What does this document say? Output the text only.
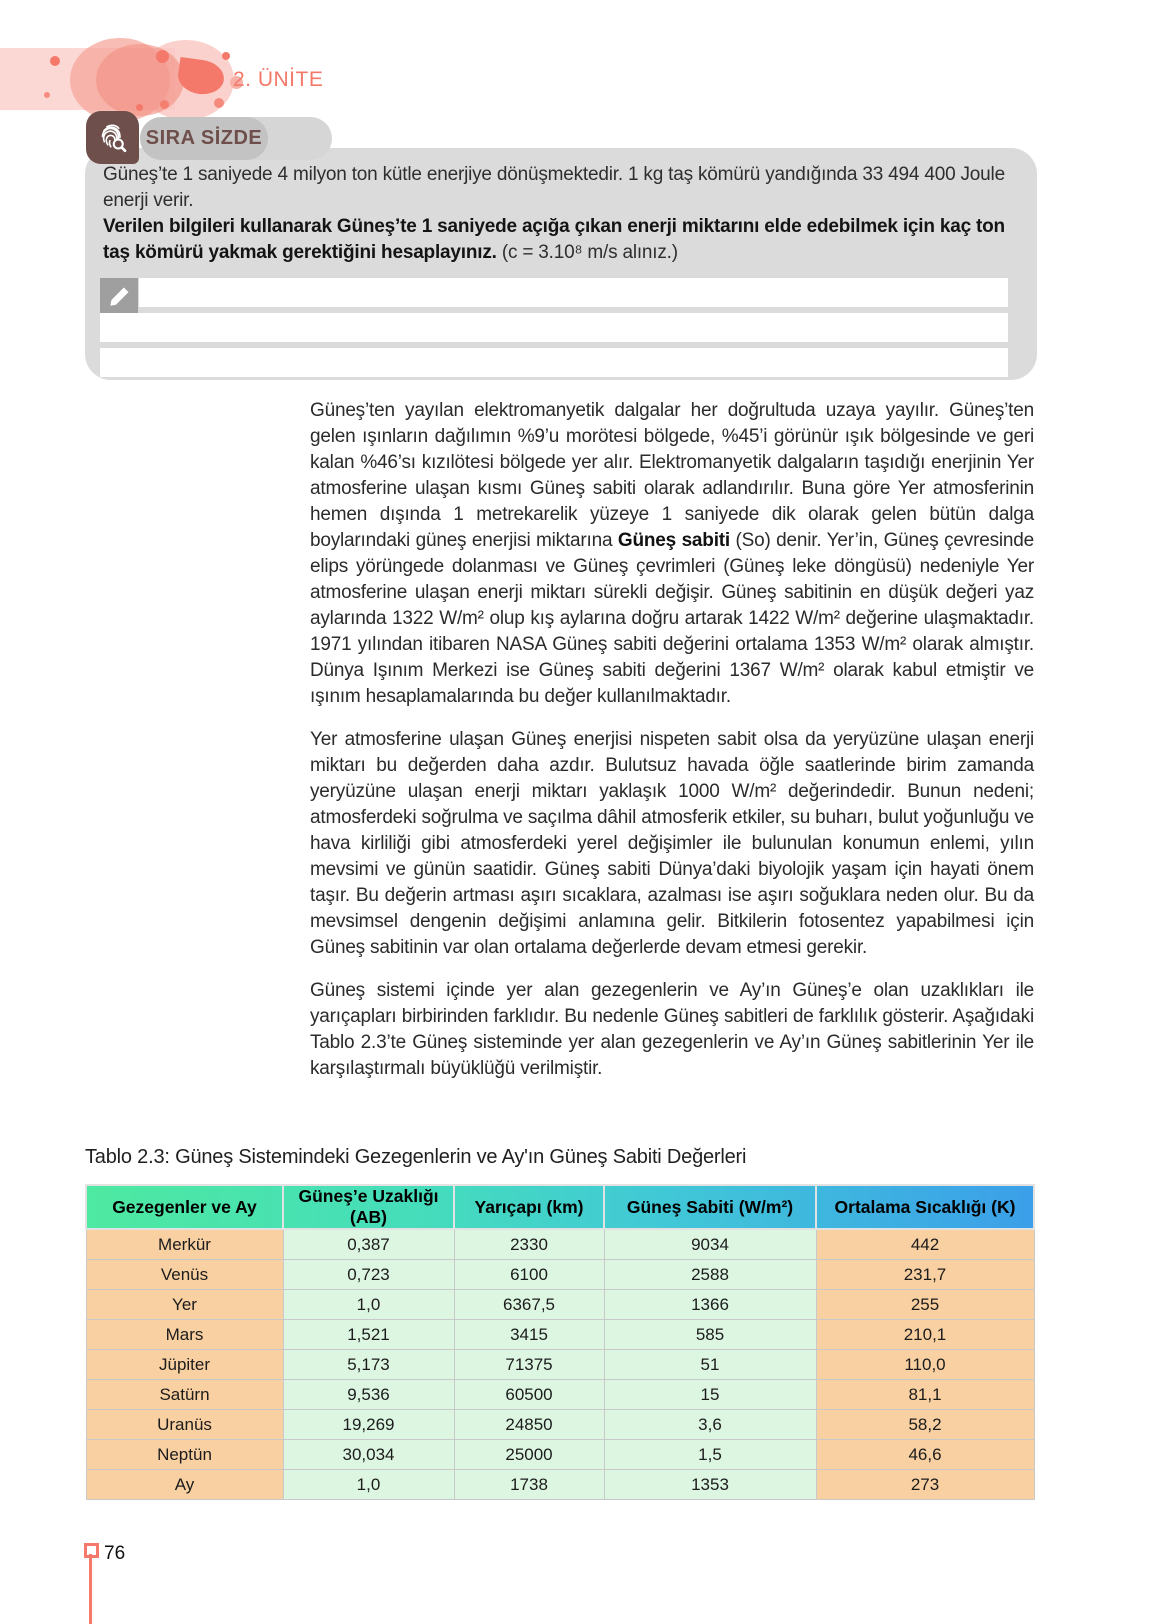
2. ÜNİTE
SIRA SİZDE
Güneş’te 1 saniyede 4 milyon ton kütle enerjiye dönüşmektedir. 1 kg taş kömürü yandığında 33 494 400 Joule enerji verir.
Verilen bilgileri kullanarak Güneş’te 1 saniyede açığa çıkan enerji miktarını elde edebilmek için kaç ton taş kömürü yakmak gerektiğini hesaplayınız. (c = 3.10⁸ m/s alınız.)

Güneş’ten yayılan elektromanyetik dalgalar her doğrultuda uzaya yayılır. Güneş’ten gelen ışınların dağılımın %9’u morötesi bölgede, %45’i görünür ışık bölgesinde ve geri kalan %46’sı kızılötesi bölgede yer alır. Elektromanyetik dalgaların taşıdığı enerjinin Yer atmosferine ulaşan kısmı Güneş sabiti olarak adlandırılır. Buna göre Yer atmosferinin hemen dışında 1 metrekarelik yüzeye 1 saniyede dik olarak gelen bütün dalga boylarındaki güneş enerjisi miktarına Güneş sabiti (So) denir. Yer’in, Güneş çevresinde elips yörüngede dolanması ve Güneş çevrimleri (Güneş leke döngüsü) nedeniyle Yer atmosferine ulaşan enerji miktarı sürekli değişir. Güneş sabitinin en düşük değeri yaz aylarında 1322 W/m² olup kış aylarına doğru artarak 1422 W/m² değerine ulaşmaktadır. 1971 yılından itibaren NASA Güneş sabiti değerini ortalama 1353 W/m² olarak almıştır. Dünya Işınım Merkezi ise Güneş sabiti değerini 1367 W/m² olarak kabul etmiştir ve ışınım hesaplamalarında bu değer kullanılmaktadır.

Yer atmosferine ulaşan Güneş enerjisi nispeten sabit olsa da yeryüzüne ulaşan enerji miktarı bu değerden daha azdır. Bulutsuz havada öğle saatlerinde birim zamanda yeryüzüne ulaşan enerji miktarı yaklaşık 1000 W/m² değerindedir. Bunun nedeni; atmosferdeki soğrulma ve saçılma dâhil atmosferik etkiler, su buharı, bulut yoğunluğu ve hava kirliliği gibi atmosferdeki yerel değişimler ile bulunulan konumun enlemi, yılın mevsimi ve günün saatidir. Güneş sabiti Dünya’daki biyolojik yaşam için hayati önem taşır. Bu değerin artması aşırı sıcaklara, azalması ise aşırı soğuklara neden olur. Bu da mevsimsel dengenin değişimi anlamına gelir. Bitkilerin fotosentez yapabilmesi için Güneş sabitinin var olan ortalama değerlerde devam etmesi gerekir.

Güneş sistemi içinde yer alan gezegenlerin ve Ay’ın Güneş’e olan uzaklıkları ile yarıçapları birbirinden farklıdır. Bu nedenle Güneş sabitleri de farklılık gösterir. Aşağıdaki Tablo 2.3’te Güneş sisteminde yer alan gezegenlerin ve Ay’ın Güneş sabitlerinin Yer ile karşılaştırmalı büyüklüğü verilmiştir.

Tablo 2.3: Güneş Sistemindeki Gezegenlerin ve Ay'ın Güneş Sabiti Değerleri
Gezegenler ve Ay	Güneş’e Uzaklığı (AB)	Yarıçapı (km)	Güneş Sabiti (W/m²)	Ortalama Sıcaklığı (K)
Merkür	0,387	2330	9034	442
Venüs	0,723	6100	2588	231,7
Yer	1,0	6367,5	1366	255
Mars	1,521	3415	585	210,1
Jüpiter	5,173	71375	51	110,0
Satürn	9,536	60500	15	81,1
Uranüs	19,269	24850	3,6	58,2
Neptün	30,034	25000	1,5	46,6
Ay	1,0	1738	1353	273
76
